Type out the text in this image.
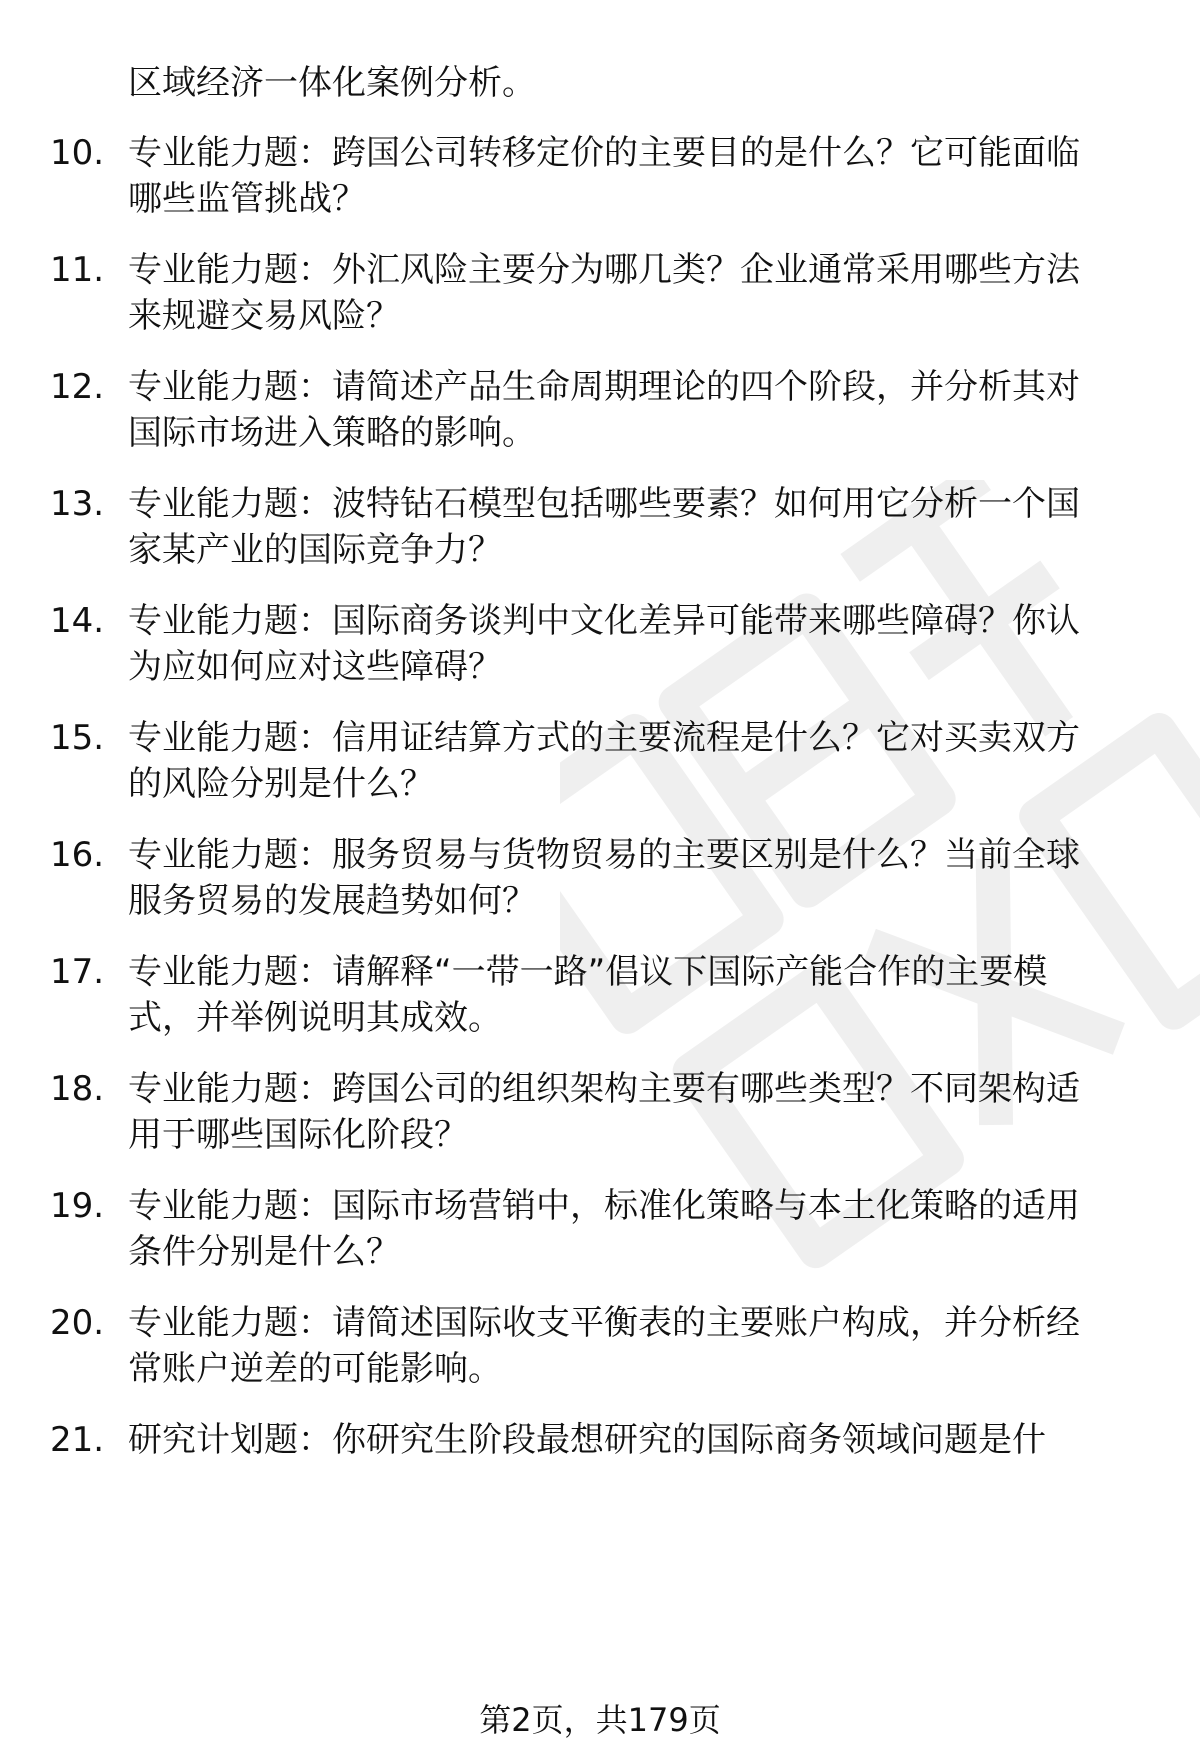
区域经济一体化案例分析。
10. 专业能力题：跨国公司转移定价的主要目的是什么？它可能面临
哪些监管挑战？
11. 专业能力题：外汇风险主要分为哪几类？企业通常采用哪些方法
来规避交易风险？
12. 专业能力题：请简述产品生命周期理论的四个阶段，并分析其对
国际市场进入策略的影响。
13. 专业能力题：波特钻石模型包括哪些要素？如何用它分析一个国
家某产业的国际竞争力？
14. 专业能力题：国际商务谈判中文化差异可能带来哪些障碍？你认
为应如何应对这些障碍？
15. 专业能力题：信用证结算方式的主要流程是什么？它对买卖双方
的风险分别是什么？
16. 专业能力题：服务贸易与货物贸易的主要区别是什么？当前全球
服务贸易的发展趋势如何？
17. 专业能力题：请解释“一带一路”倡议下国际产能合作的主要模
式，并举例说明其成效。
18. 专业能力题：跨国公司的组织架构主要有哪些类型？不同架构适
用于哪些国际化阶段？
19. 专业能力题：国际市场营销中，标准化策略与本土化策略的适用
条件分别是什么？
20. 专业能力题：请简述国际收支平衡表的主要账户构成，并分析经
常账户逆差的可能影响。
21. 研究计划题：你研究生阶段最想研究的国际商务领域问题是什
第2页，共179页
